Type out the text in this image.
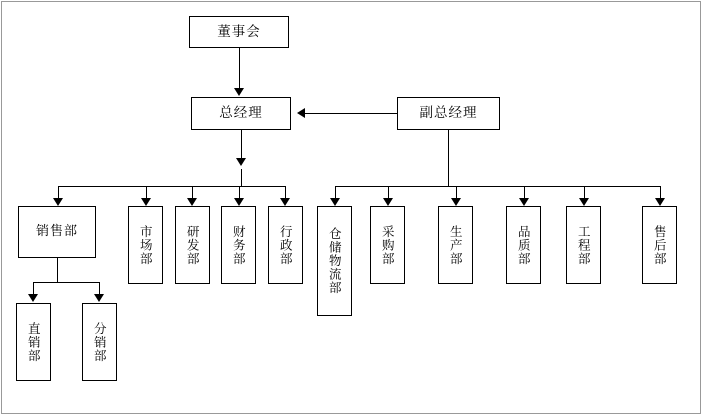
董事会
总经理	副总经理
销售部	市场部	研发部	财务部	行政部	仓储物流部	采购部	生产部	品质部	工程部	售后部
直销部	分销部
